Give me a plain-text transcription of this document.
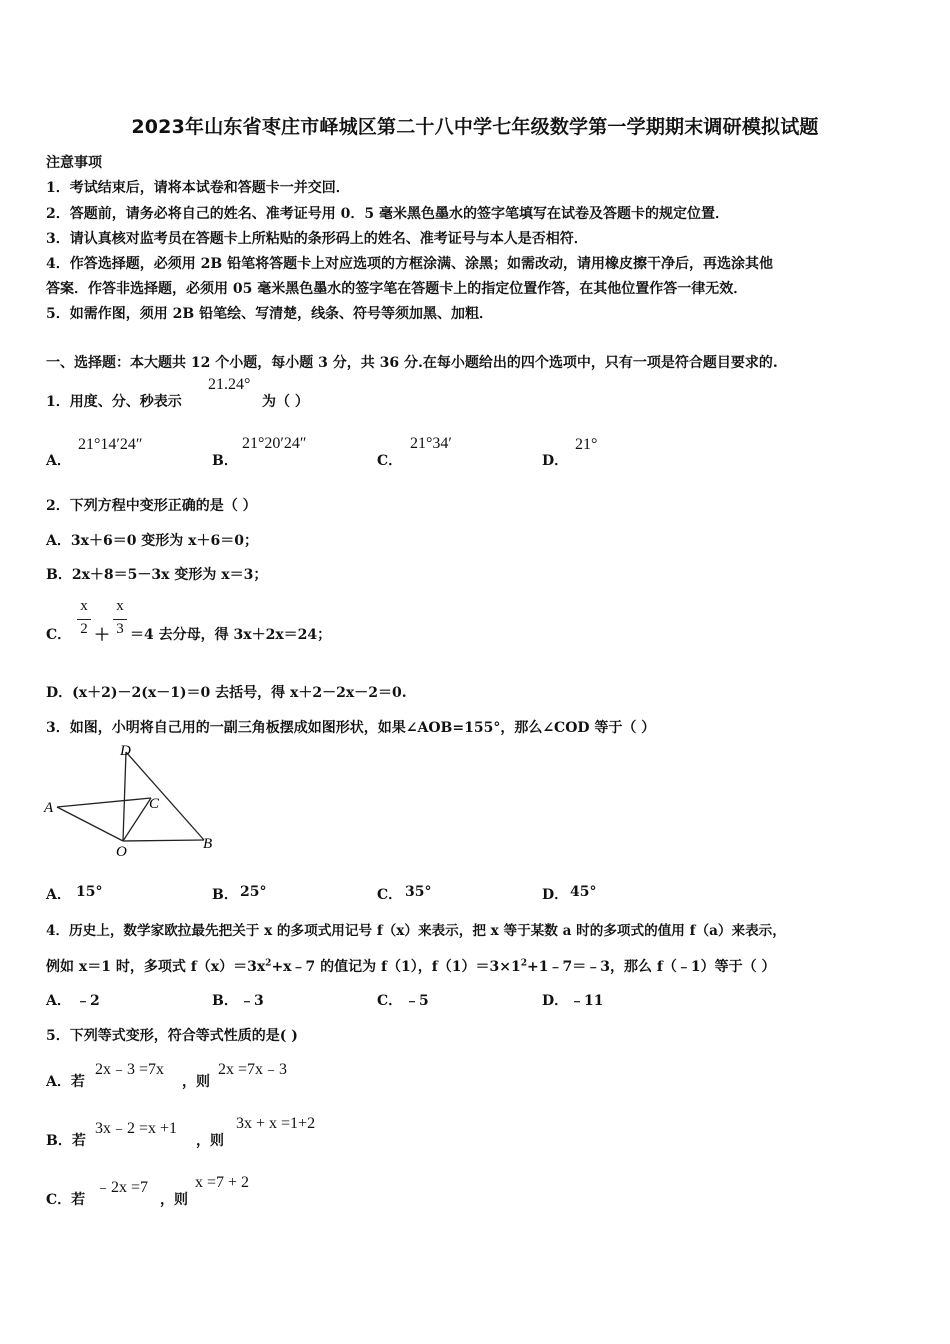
2023年山东省枣庄市峄城区第二十八中学七年级数学第一学期期末调研模拟试题
注意事项
1．考试结束后，请将本试卷和答题卡一并交回．
2．答题前，请务必将自己的姓名、准考证号用 0．5 毫米黑色墨水的签字笔填写在试卷及答题卡的规定位置．
3．请认真核对监考员在答题卡上所粘贴的条形码上的姓名、准考证号与本人是否相符．
4．作答选择题，必须用 2B 铅笔将答题卡上对应选项的方框涂满、涂黑；如需改动，请用橡皮擦干净后，再选涂其他
答案．作答非选择题，必须用 05 毫米黑色墨水的签字笔在答题卡上的指定位置作答，在其他位置作答一律无效．
5．如需作图，须用 2B 铅笔绘、写清楚，线条、符号等须加黑、加粗．
一、选择题：本大题共 12 个小题，每小题 3 分，共 36 分.在每小题给出的四个选项中，只有一项是符合题目要求的.
1．用度、分、秒表示
21.24°
为（ ）
A．
21°14′24″
B．
21°20′24″
C．
21°34′
D．
21°
2．下列方程中变形正确的是（ ）
A．3x＋6＝0 变形为 x＋6＝0；
B．2x＋8＝5－3x 变形为 x＝3；
C．
x
2 ＋
x
3 ＝4 去分母，得 3x＋2x＝24；
D．(x＋2)－2(x－1)＝0 去括号，得 x＋2－2x－2＝0.
3．如图，小明将自己用的一副三角板摆成如图形状，如果∠AOB=155°，那么∠COD 等于（ ）
D
A	C
O	B
A． 15°	B． 25°	C． 35°	D． 45°
4．历史上，数学家欧拉最先把关于 x 的多项式用记号 f（x）来表示，把 x 等于某数 a 时的多项式的值用 f（a）来表示，
例如 x＝1 时，多项式 $f(x)=3x^2+x﹣7$ 的值记为 f（1），$f(1)=3\times 1^2+1﹣7=﹣3$，那么 f（﹣1）等于（ ）
A． ﹣2	B． ﹣3	C． ﹣5	D． ﹣11
5．下列等式变形，符合等式性质的是( )
A．若
2x﹣3 =7x
，则
2x =7x﹣3
B．若
3x﹣2 =x +1
，则
3x + x =1+2
C．若
﹣2x =7
，则
x =7 + 2
